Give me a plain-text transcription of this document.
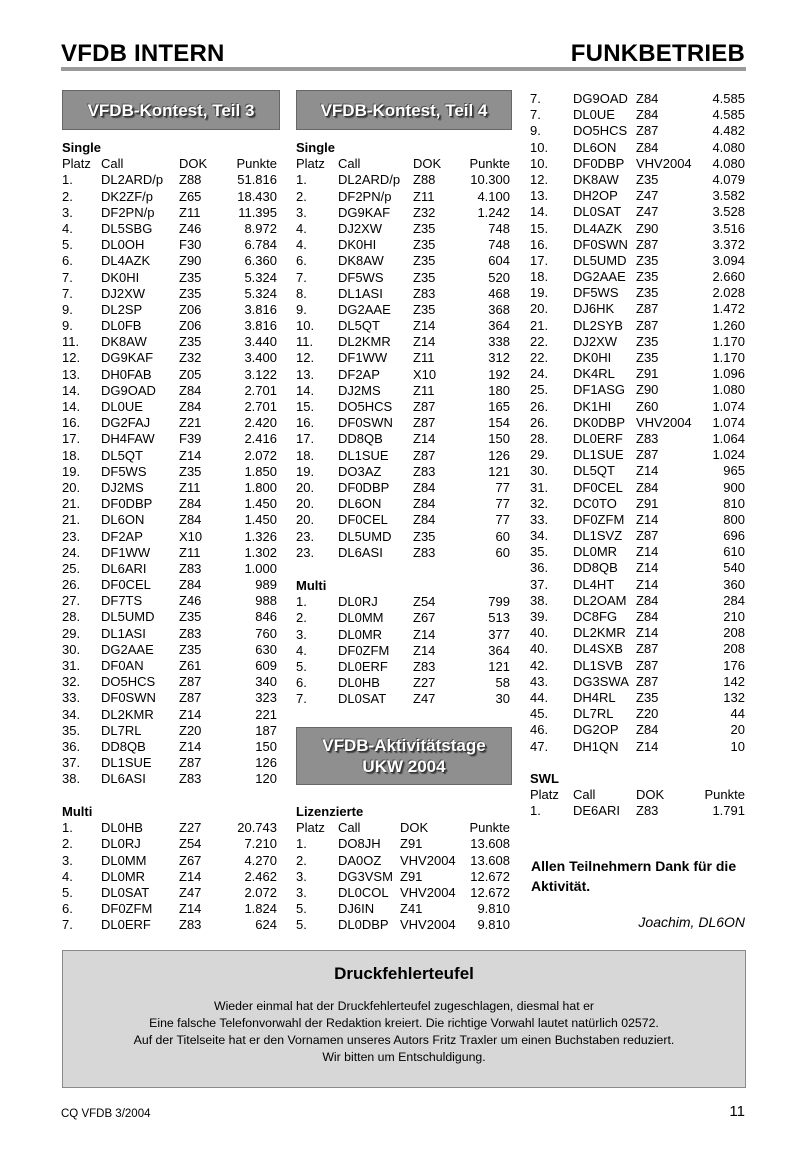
VFDB INTERN	FUNKBETRIEB
VFDB-Kontest, Teil 3	VFDB-Kontest, Teil 4
VFDB-Aktivitätstage
UKW 2004
Single
Platz Call	DOK	Punkte
1.	DL2ARD/p	Z88	51.816
2.	DK2ZF/p	Z65	18.430
3.	DF2PN/p	Z11	11.395
4.	DL5SBG	Z46	8.972
5.	DL0OH	F30	6.784
6.	DL4AZK	Z90	6.360
7.	DK0HI	Z35	5.324
7.	DJ2XW	Z35	5.324
9.	DL2SP	Z06	3.816
9.	DL0FB	Z06	3.816
11.	DK8AW	Z35	3.440
12.	DG9KAF	Z32	3.400
13.	DH0FAB	Z05	3.122
14.	DG9OAD	Z84	2.701
14.	DL0UE	Z84	2.701
16.	DG2FAJ	Z21	2.420
17.	DH4FAW	F39	2.416
18.	DL5QT	Z14	2.072
19.	DF5WS	Z35	1.850
20.	DJ2MS	Z11	1.800
21.	DF0DBP	Z84	1.450
21.	DL6ON	Z84	1.450
23.	DF2AP	X10	1.326
24.	DF1WW	Z11	1.302
25.	DL6ARI	Z83	1.000
26.	DF0CEL	Z84	989
27.	DF7TS	Z46	988
28.	DL5UMD	Z35	846
29.	DL1ASI	Z83	760
30.	DG2AAE	Z35	630
31.	DF0AN	Z61	609
32.	DO5HCS	Z87	340
33.	DF0SWN	Z87	323
34.	DL2KMR	Z14	221
35.	DL7RL	Z20	187
36.	DD8QB	Z14	150
37.	DL1SUE	Z87	126
38.	DL6ASI	Z83	120
Multi
1.	DL0HB	Z27	20.743
2.	DL0RJ	Z54	7.210
3.	DL0MM	Z67	4.270
4.	DL0MR	Z14	2.462
5.	DL0SAT	Z47	2.072
6.	DF0ZFM	Z14	1.824
7.	DL0ERF	Z83	624
Single
Platz	Call	DOK	Punkte
1.	DL2ARD/p Z88	10.300
2.	DF2PN/p	Z11	4.100
3.	DG9KAF	Z32	1.242
4.	DJ2XW	Z35	748
4.	DK0HI	Z35	748
6.	DK8AW	Z35	604
7.	DF5WS	Z35	520
8.	DL1ASI	Z83	468
9.	DG2AAE	Z35	368
10.	DL5QT	Z14	364
11.	DL2KMR	Z14	338
12.	DF1WW	Z11	312
13.	DF2AP	X10	192
14.	DJ2MS	Z11	180
15.	DO5HCS	Z87	165
16.	DF0SWN	Z87	154
17.	DD8QB	Z14	150
18.	DL1SUE	Z87	126
19.	DO3AZ	Z83	121
20.	DF0DBP	Z84	77
20.	DL6ON	Z84	77
20.	DF0CEL	Z84	77
23.	DL5UMD	Z35	60
23.	DL6ASI	Z83	60
Multi
1.	DL0RJ	Z54	799
2.	DL0MM	Z67	513
3.	DL0MR	Z14	377
4.	DF0ZFM	Z14	364
5.	DL0ERF	Z83	121
6.	DL0HB	Z27	58
7.	DL0SAT	Z47	30
Lizenzierte
Platz	Call	DOK	Punkte
1.	DO8JH	Z91	13.608
2.	DA0OZ	VHV2004	13.608
3.	DG3VSM Z91	12.672
3.	DL0COL VHV2004	12.672
5.	DJ6IN	Z41	9.810
5.	DL0DBP VHV2004	9.810
7.	DG9OAD Z84	4.585
7.	DL0UE	Z84	4.585
9.	DO5HCS Z87	4.482
10.	DL6ON	Z84	4.080
10.	DF0DBP VHV2004	4.080
12.	DK8AW	Z35	4.079
13.	DH2OP	Z47	3.582
14.	DL0SAT	Z47	3.528
15.	DL4AZK	Z90	3.516
16.	DF0SWN Z87	3.372
17.	DL5UMD Z35	3.094
18.	DG2AAE Z35	2.660
19.	DF5WS	Z35	2.028
20.	DJ6HK	Z87	1.472
21.	DL2SYB	Z87	1.260
22.	DJ2XW	Z35	1.170
22.	DK0HI	Z35	1.170
24.	DK4RL	Z91	1.096
25.	DF1ASG Z90	1.080
26.	DK1HI	Z60	1.074
26.	DK0DBP VHV2004	1.074
28.	DL0ERF	Z83	1.064
29.	DL1SUE Z87	1.024
30.	DL5QT	Z14	965
31.	DF0CEL	Z84	900
32.	DC0TO	Z91	810
33.	DF0ZFM Z14	800
34.	DL1SVZ	Z87	696
35.	DL0MR	Z14	610
36.	DD8QB	Z14	540
37.	DL4HT	Z14	360
38.	DL2OAM Z84	284
39.	DC8FG	Z84	210
40.	DL2KMR Z14	208
40.	DL4SXB	Z87	208
42.	DL1SVB	Z87	176
43.	DG3SWA Z87	142
44.	DH4RL	Z35	132
45.	DL7RL	Z20	44
46.	DG2OP	Z84	20
47.	DH1QN	Z14	10
SWL
Platz	Call	DOK	Punkte
1.	DE6ARI	Z83	1.791
Allen Teilnehmern Dank für die Aktivität.
Joachim, DL6ON
Druckfehlerteufel
Wieder einmal hat der Druckfehlerteufel zugeschlagen, diesmal hat er
Eine falsche Telefonvorwahl der Redaktion kreiert. Die richtige Vorwahl lautet natürlich 02572.
Auf der Titelseite hat er den Vornamen unseres Autors Fritz Traxler um einen Buchstaben reduziert.
Wir bitten um Entschuldigung.
CQ VFDB 3/2004	11
